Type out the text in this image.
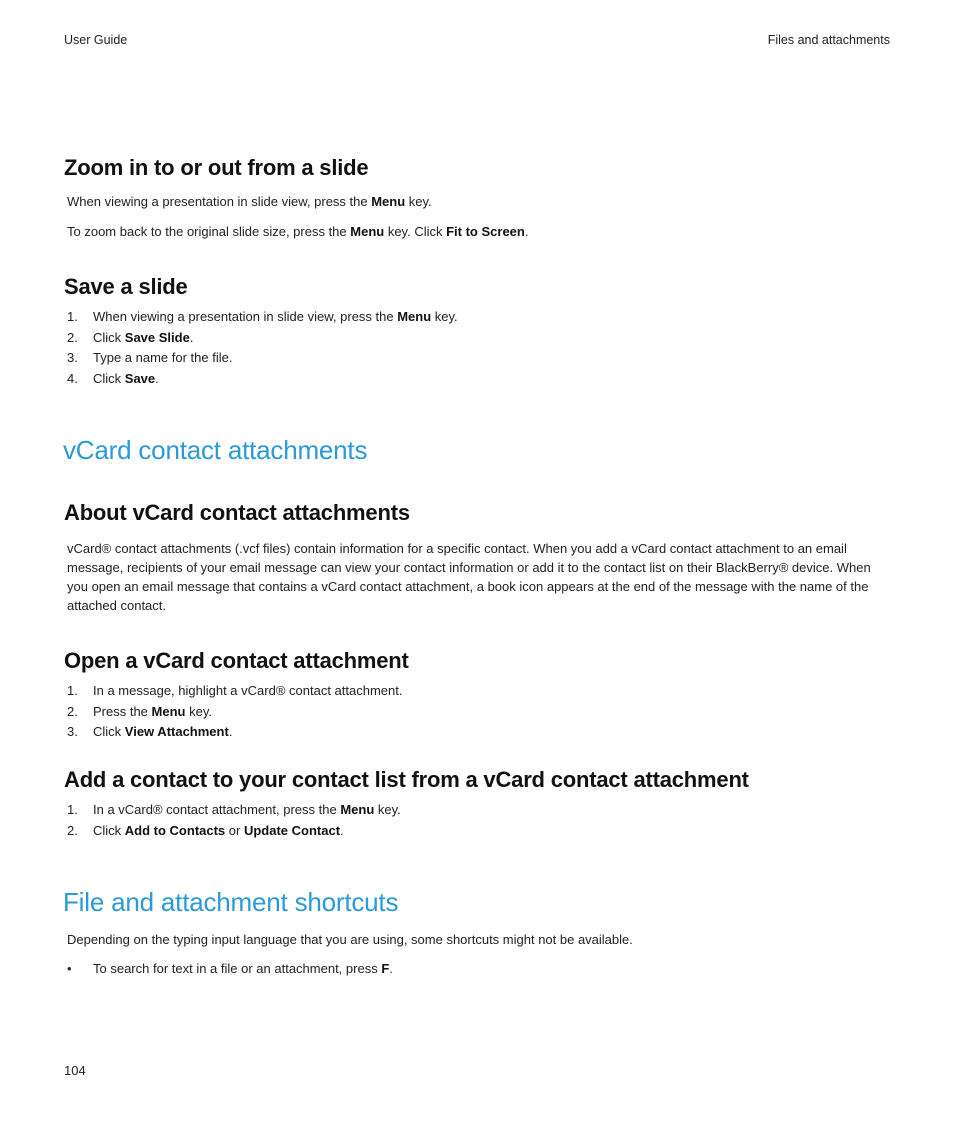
User Guide	Files and attachments
Zoom in to or out from a slide
When viewing a presentation in slide view, press the Menu key.
To zoom back to the original slide size, press the Menu key. Click Fit to Screen.
Save a slide
1. When viewing a presentation in slide view, press the Menu key.
2. Click Save Slide.
3. Type a name for the file.
4. Click Save.
vCard contact attachments
About vCard contact attachments
vCard® contact attachments (.vcf files) contain information for a specific contact. When you add a vCard contact attachment to an email message, recipients of your email message can view your contact information or add it to the contact list on their BlackBerry® device. When you open an email message that contains a vCard contact attachment, a book icon appears at the end of the message with the name of the attached contact.
Open a vCard contact attachment
1. In a message, highlight a vCard® contact attachment.
2. Press the Menu key.
3. Click View Attachment.
Add a contact to your contact list from a vCard contact attachment
1. In a vCard® contact attachment, press the Menu key.
2. Click Add to Contacts or Update Contact.
File and attachment shortcuts
Depending on the typing input language that you are using, some shortcuts might not be available.
• To search for text in a file or an attachment, press F.
104
